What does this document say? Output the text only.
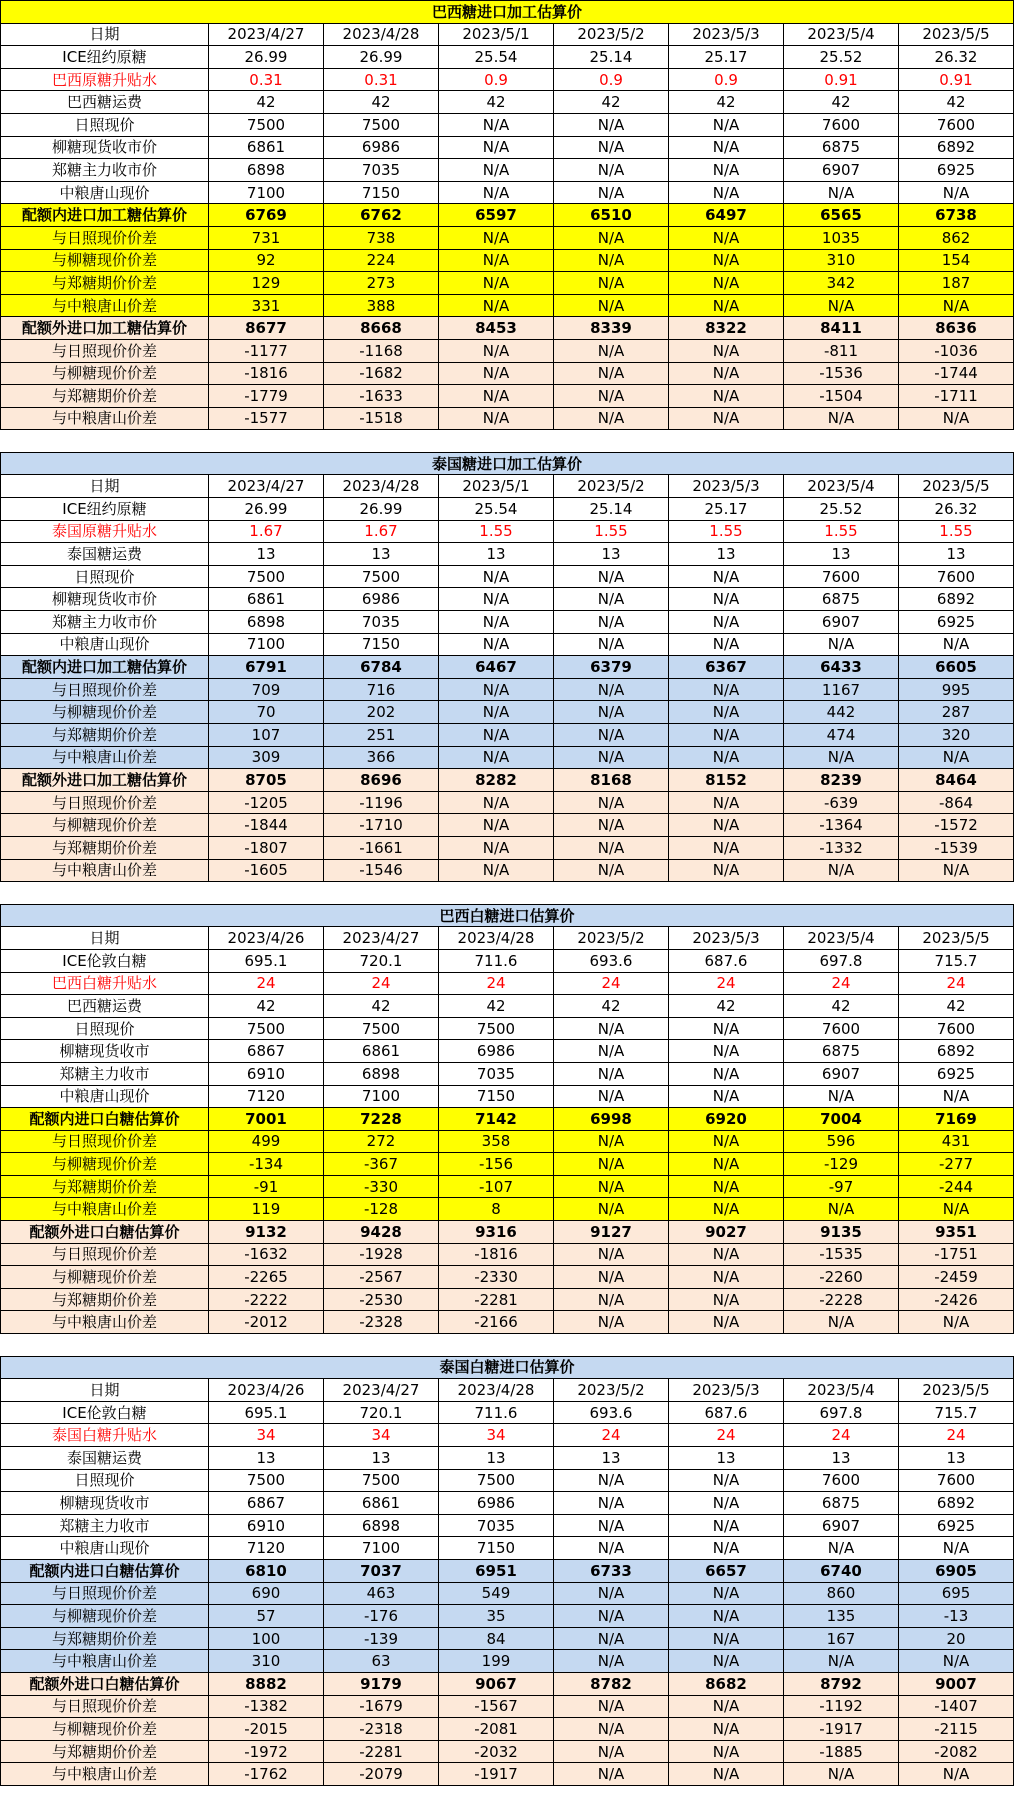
巴西糖进口加工估算价							
日期	2023/4/27	2023/4/28	2023/5/1	2023/5/2	2023/5/3	2023/5/4	2023/5/5
ICE纽约原糖	26.99	26.99	25.54	25.14	25.17	25.52	26.32
巴西原糖升贴水	0.31	0.31	0.9	0.9	0.9	0.91	0.91
巴西糖运费	42	42	42	42	42	42	42
日照现价	7500	7500	N/A	N/A	N/A	7600	7600
柳糖现货收市价	6861	6986	N/A	N/A	N/A	6875	6892
郑糖主力收市价	6898	7035	N/A	N/A	N/A	6907	6925
中粮唐山现价	7100	7150	N/A	N/A	N/A	N/A	N/A
配额内进口加工糖估算价	6769	6762	6597	6510	6497	6565	6738
与日照现价价差	731	738	N/A	N/A	N/A	1035	862
与柳糖现价价差	92	224	N/A	N/A	N/A	310	154
与郑糖期价价差	129	273	N/A	N/A	N/A	342	187
与中粮唐山价差	331	388	N/A	N/A	N/A	N/A	N/A
配额外进口加工糖估算价	8677	8668	8453	8339	8322	8411	8636
与日照现价价差	-1177	-1168	N/A	N/A	N/A	-811	-1036
与柳糖现价价差	-1816	-1682	N/A	N/A	N/A	-1536	-1744
与郑糖期价价差	-1779	-1633	N/A	N/A	N/A	-1504	-1711
与中粮唐山价差	-1577	-1518	N/A	N/A	N/A	N/A	N/A

泰国糖进口加工估算价							
日期	2023/4/27	2023/4/28	2023/5/1	2023/5/2	2023/5/3	2023/5/4	2023/5/5
ICE纽约原糖	26.99	26.99	25.54	25.14	25.17	25.52	26.32
泰国原糖升贴水	1.67	1.67	1.55	1.55	1.55	1.55	1.55
泰国糖运费	13	13	13	13	13	13	13
日照现价	7500	7500	N/A	N/A	N/A	7600	7600
柳糖现货收市价	6861	6986	N/A	N/A	N/A	6875	6892
郑糖主力收市价	6898	7035	N/A	N/A	N/A	6907	6925
中粮唐山现价	7100	7150	N/A	N/A	N/A	N/A	N/A
配额内进口加工糖估算价	6791	6784	6467	6379	6367	6433	6605
与日照现价价差	709	716	N/A	N/A	N/A	1167	995
与柳糖现价价差	70	202	N/A	N/A	N/A	442	287
与郑糖期价价差	107	251	N/A	N/A	N/A	474	320
与中粮唐山价差	309	366	N/A	N/A	N/A	N/A	N/A
配额外进口加工糖估算价	8705	8696	8282	8168	8152	8239	8464
与日照现价价差	-1205	-1196	N/A	N/A	N/A	-639	-864
与柳糖现价价差	-1844	-1710	N/A	N/A	N/A	-1364	-1572
与郑糖期价价差	-1807	-1661	N/A	N/A	N/A	-1332	-1539
与中粮唐山价差	-1605	-1546	N/A	N/A	N/A	N/A	N/A

巴西白糖进口估算价							
日期	2023/4/26	2023/4/27	2023/4/28	2023/5/2	2023/5/3	2023/5/4	2023/5/5
ICE伦敦白糖	695.1	720.1	711.6	693.6	687.6	697.8	715.7
巴西白糖升贴水	24	24	24	24	24	24	24
巴西糖运费	42	42	42	42	42	42	42
日照现价	7500	7500	7500	N/A	N/A	7600	7600
柳糖现货收市	6867	6861	6986	N/A	N/A	6875	6892
郑糖主力收市	6910	6898	7035	N/A	N/A	6907	6925
中粮唐山现价	7120	7100	7150	N/A	N/A	N/A	N/A
配额内进口白糖估算价	7001	7228	7142	6998	6920	7004	7169
与日照现价价差	499	272	358	N/A	N/A	596	431
与柳糖现价价差	-134	-367	-156	N/A	N/A	-129	-277
与郑糖期价价差	-91	-330	-107	N/A	N/A	-97	-244
与中粮唐山价差	119	-128	8	N/A	N/A	N/A	N/A
配额外进口白糖估算价	9132	9428	9316	9127	9027	9135	9351
与日照现价价差	-1632	-1928	-1816	N/A	N/A	-1535	-1751
与柳糖现价价差	-2265	-2567	-2330	N/A	N/A	-2260	-2459
与郑糖期价价差	-2222	-2530	-2281	N/A	N/A	-2228	-2426
与中粮唐山价差	-2012	-2328	-2166	N/A	N/A	N/A	N/A

泰国白糖进口估算价							
日期	2023/4/26	2023/4/27	2023/4/28	2023/5/2	2023/5/3	2023/5/4	2023/5/5
ICE伦敦白糖	695.1	720.1	711.6	693.6	687.6	697.8	715.7
泰国白糖升贴水	34	34	34	24	24	24	24
泰国糖运费	13	13	13	13	13	13	13
日照现价	7500	7500	7500	N/A	N/A	7600	7600
柳糖现货收市	6867	6861	6986	N/A	N/A	6875	6892
郑糖主力收市	6910	6898	7035	N/A	N/A	6907	6925
中粮唐山现价	7120	7100	7150	N/A	N/A	N/A	N/A
配额内进口白糖估算价	6810	7037	6951	6733	6657	6740	6905
与日照现价价差	690	463	549	N/A	N/A	860	695
与柳糖现价价差	57	-176	35	N/A	N/A	135	-13
与郑糖期价价差	100	-139	84	N/A	N/A	167	20
与中粮唐山价差	310	63	199	N/A	N/A	N/A	N/A
配额外进口白糖估算价	8882	9179	9067	8782	8682	8792	9007
与日照现价价差	-1382	-1679	-1567	N/A	N/A	-1192	-1407
与柳糖现价价差	-2015	-2318	-2081	N/A	N/A	-1917	-2115
与郑糖期价价差	-1972	-2281	-2032	N/A	N/A	-1885	-2082
与中粮唐山价差	-1762	-2079	-1917	N/A	N/A	N/A	N/A
